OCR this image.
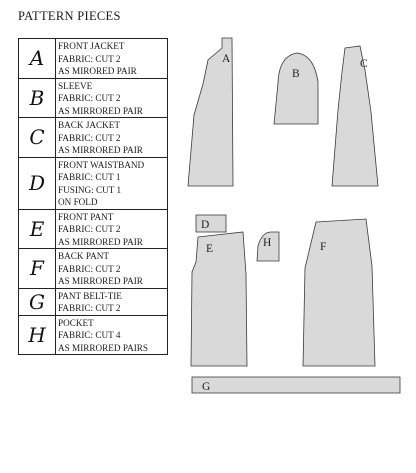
PATTERN PIECES
A	FRONT JACKET
FABRIC: CUT 2
AS MIRORED PAIR

B	SLEEVE
FABRIC: CUT 2
AS MIRRORED PAIR

C	BACK JACKET
FABRIC: CUT 2
AS MIRRORED PAIR

D	FRONT WAISTBAND
FABRIC: CUT 1
FUSING: CUT 1
ON FOLD

E	FRONT PANT
FABRIC: CUT 2
AS MIRRORED PAIR

F	BACK PANT
FABRIC: CUT 2
AS MIRRORED PAIR

G	PANT BELT-TIE
FABRIC: CUT 2

H	POCKET
FABRIC: CUT 4
AS MIRRORED PAIRS
A
B
C
D
E	H	F
G
